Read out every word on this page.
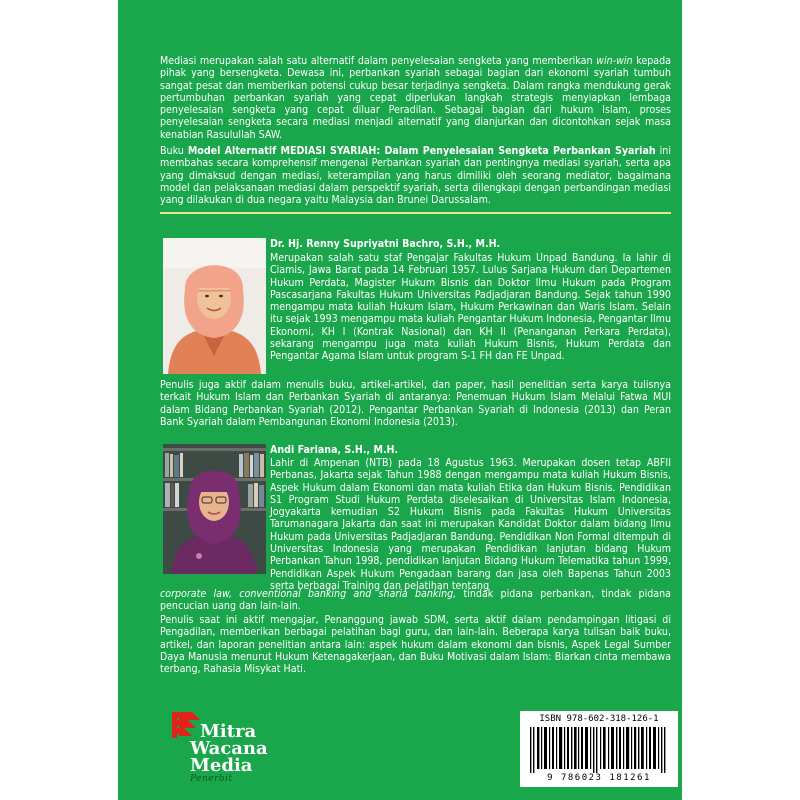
Mediasi merupakan salah satu alternatif dalam penyelesaian sengketa yang memberikan win-win kepada pihak yang bersengketa. Dewasa ini, perbankan syariah sebagai bagian dari ekonomi syariah tumbuh sangat pesat dan memberikan potensi cukup besar terjadinya sengketa. Dalam rangka mendukung gerak pertumbuhan perbankan syariah yang cepat diperlukan langkah strategis menyiapkan lembaga penyelesaian sengketa yang cepat diluar Peradilan. Sebagai bagian dari hukum Islam, proses penyelesaian sengketa secara mediasi menjadi alternatif yang dianjurkan dan dicontohkan sejak masa kenabian Rasulullah SAW.
Buku Model Alternatif MEDIASI SYARIAH: Dalam Penyelesaian Sengketa Perbankan Syariah ini membahas secara komprehensif mengenai Perbankan syariah dan pentingnya mediasi syariah, serta apa yang dimaksud dengan mediasi, keterampilan yang harus dimiliki oleh seorang mediator, bagaimana model dan pelaksanaan mediasi dalam perspektif syariah, serta dilengkapi dengan perbandingan mediasi yang dilakukan di dua negara yaitu Malaysia dan Brunei Darussalam.
Dr. Hj. Renny Supriyatni Bachro, S.H., M.H.
Merupakan salah satu staf Pengajar Fakultas Hukum Unpad Bandung. Ia lahir di Ciamis, Jawa Barat pada 14 Februari 1957. Lulus Sarjana Hukum dari Departemen Hukum Perdata, Magister Hukum Bisnis dan Doktor Ilmu Hukum pada Program Pascasarjana Fakultas Hukum Universitas Padjadjaran Bandung. Sejak tahun 1990 mengampu mata kuliah Hukum Islam, Hukum Perkawinan dan Waris Islam. Selain itu sejak 1993 mengampu mata kuliah Pengantar Hukum Indonesia, Pengantar Ilmu Ekonomi, KH I (Kontrak Nasional) dan KH II (Penanganan Perkara Perdata), sekarang mengampu juga mata kuliah Hukum Bisnis, Hukum Perdata dan Pengantar Agama Islam untuk program S-1 FH dan FE Unpad.
Penulis juga aktif dalam menulis buku, artikel-artikel, dan paper, hasil penelitian serta karya tulisnya terkait Hukum Islam dan Perbankan Syariah di antaranya: Penemuan Hukum Islam Melalui Fatwa MUI dalam Bidang Perbankan Syariah (2012). Pengantar Perbankan Syariah di Indonesia (2013) dan Peran Bank Syariah dalam Pembangunan Ekonomi Indonesia (2013).
Andi Fariana, S.H., M.H.
Lahir di Ampenan (NTB) pada 18 Agustus 1963. Merupakan dosen tetap ABFII Perbanas, Jakarta sejak Tahun 1988 dengan mengampu mata kuliah Hukum Bisnis, Aspek Hukum dalam Ekonomi dan mata kuliah Etika dan Hukum Bisnis. Pendidikan S1 Program Studi Hukum Perdata diselesaikan di Universitas Islam Indonesia, Jogyakarta kemudian S2 Hukum Bisnis pada Fakultas Hukum Universitas Tarumanagara Jakarta dan saat ini merupakan Kandidat Doktor dalam bidang Ilmu Hukum pada Universitas Padjadjaran Bandung. Pendidikan Non Formal ditempuh di Universitas Indonesia yang merupakan Pendidikan lanjutan bidang Hukum Perbankan Tahun 1998, pendidikan lanjutan Bidang Hukum Telematika tahun 1999, Pendidikan Aspek Hukum Pengadaan barang dan jasa oleh Bapenas Tahun 2003 serta berbagai Training dan pelatihan tentang
corporate law, conventional banking and sharia banking, tindak pidana perbankan, tindak pidana pencucian uang dan lain-lain.
Penulis saat ini aktif mengajar, Penanggung jawab SDM, serta aktif dalam pendampingan litigasi di Pengadilan, memberikan berbagai pelatihan bagi guru, dan lain-lain. Beberapa karya tulisan baik buku, artikel, dan laporan penelitian antara lain: aspek hukum dalam ekonomi dan bisnis, Aspek Legal Sumber Daya Manusia menurut Hukum Ketenagakerjaan, dan Buku Motivasi dalam Islam: Biarkan cinta membawa terbang, Rahasia Misykat Hati.
Mitra
Wacana
Media
Penerbit
ISBN 978-602-318-126-1
9 786023 181261
